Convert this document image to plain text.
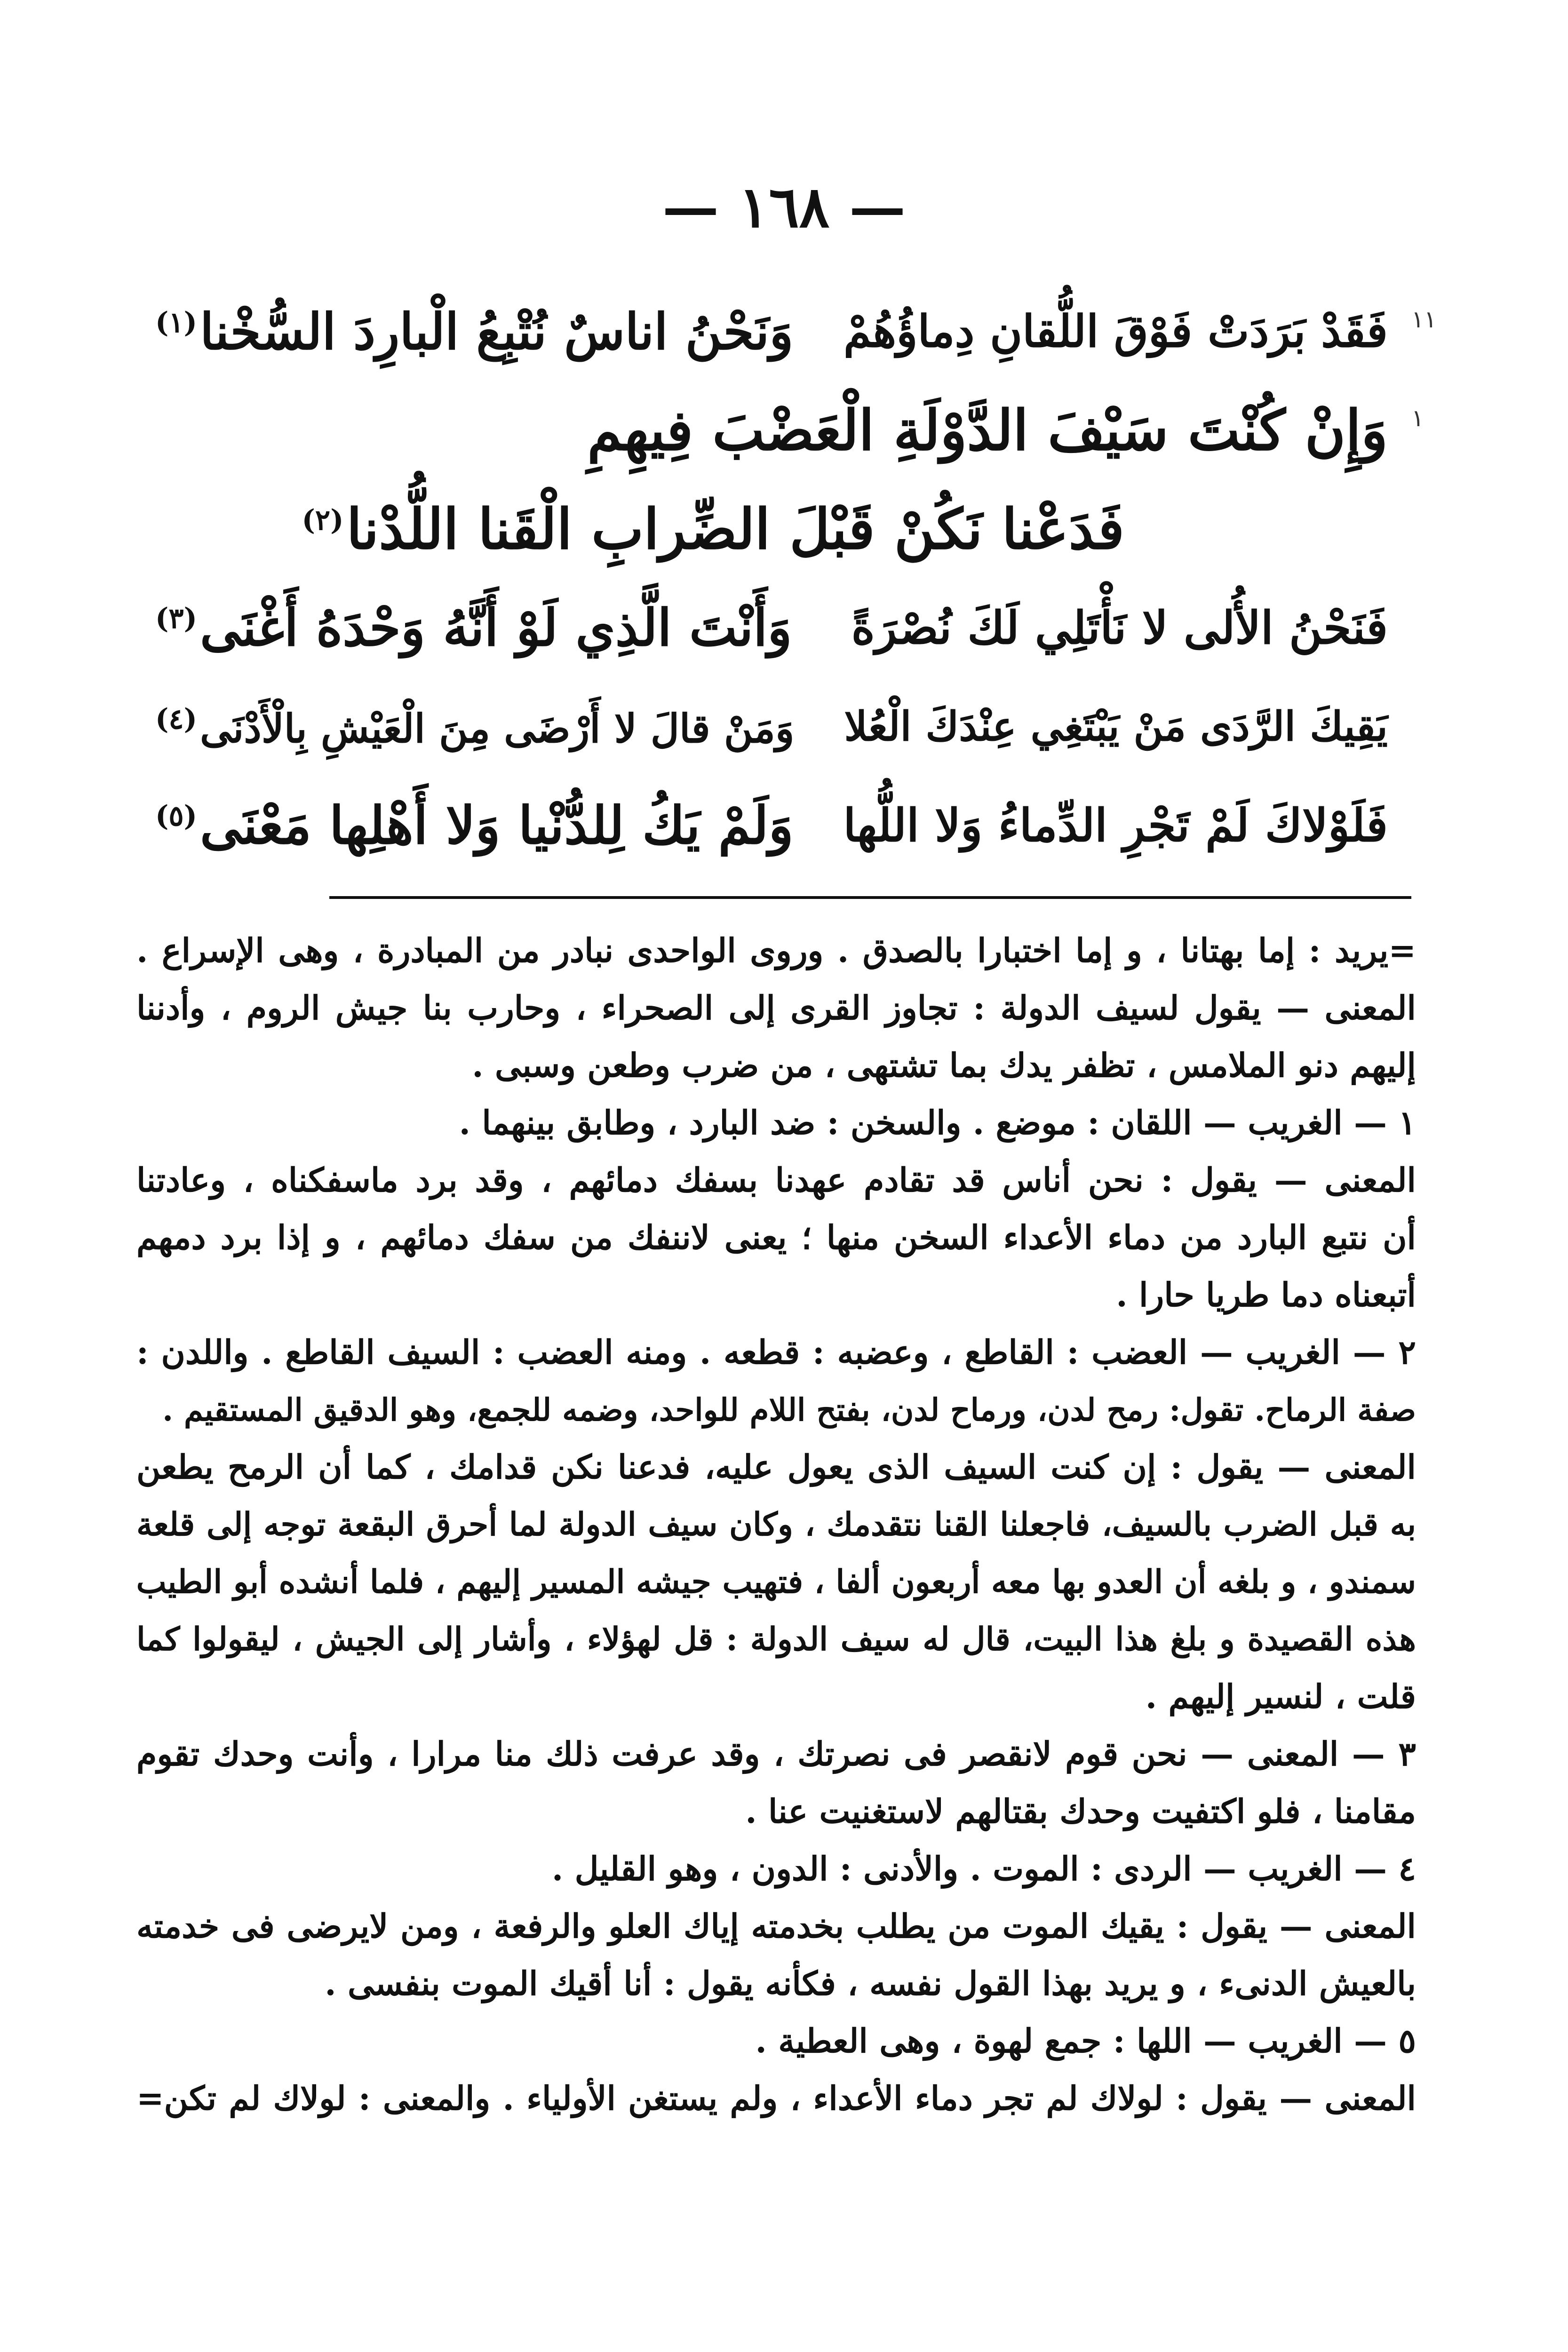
— ١٦٨ —
١١
١
فَقَدْ بَرَدَتْ فَوْقَ اللُّقانِ دِماؤُهُمْ
وَنَحْنُ اناسٌ نُتْبِعُ الْبارِدَ السُّخْنا$^{(١)}$
وَإِنْ كُنْتَ سَيْفَ الدَّوْلَةِ الْعَضْبَ فِيهِمِ
فَدَعْنا نَكُنْ قَبْلَ الضِّرابِ الْقَنا اللُّدْنا$^{(٢)}$
فَنَحْنُ الأُلى لا نَأْتَلِي لَكَ نُصْرَةً
وَأَنْتَ الَّذِي لَوْ أَنَّهُ وَحْدَهُ أَغْنَى$^{(٣)}$
يَقِيكَ الرَّدَى مَنْ يَبْتَغِي عِنْدَكَ الْعُلا
وَمَنْ قالَ لا أَرْضَى مِنَ الْعَيْشِ بِالْأَدْنَى$^{(٤)}$
فَلَوْلاكَ لَمْ تَجْرِ الدِّماءُ وَلا اللُّها
وَلَمْ يَكُ لِلدُّنْيا وَلا أَهْلِها مَعْنَى$^{(٥)}$
=يريد : إما بهتانا ، و إما اختبارا بالصدق . وروى الواحدى نبادر من المبادرة ، وهى الإسراع .
المعنى — يقول لسيف الدولة : تجاوز القرى إلى الصحراء ، وحارب بنا جيش الروم ، وأدننا
إليهم دنو الملامس ، تظفر يدك بما تشتهى ، من ضرب وطعن وسبى .
١ — الغريب — اللقان : موضع . والسخن : ضد البارد ، وطابق بينهما .
المعنى — يقول : نحن أناس قد تقادم عهدنا بسفك دمائهم ، وقد برد ماسفكناه ، وعادتنا
أن نتبع البارد من دماء الأعداء السخن منها ؛ يعنى لاننفك من سفك دمائهم ، و إذا برد دمهم
أتبعناه دما طريا حارا .
٢ — الغريب — العضب : القاطع ، وعضبه : قطعه . ومنه العضب : السيف القاطع . واللدن :
صفة الرماح. تقول: رمح لدن، ورماح لدن، بفتح اللام للواحد، وضمه للجمع، وهو الدقيق المستقيم .
المعنى — يقول : إن كنت السيف الذى يعول عليه، فدعنا نكن قدامك ، كما أن الرمح يطعن
به قبل الضرب بالسيف، فاجعلنا القنا نتقدمك ، وكان سيف الدولة لما أحرق البقعة توجه إلى قلعة
سمندو ، و بلغه أن العدو بها معه أربعون ألفا ، فتهيب جيشه المسير إليهم ، فلما أنشده أبو الطيب
هذه القصيدة و بلغ هذا البيت، قال له سيف الدولة : قل لهؤلاء ، وأشار إلى الجيش ، ليقولوا كما
قلت ، لنسير إليهم .
٣ — المعنى — نحن قوم لانقصر فى نصرتك ، وقد عرفت ذلك منا مرارا ، وأنت وحدك تقوم
مقامنا ، فلو اكتفيت وحدك بقتالهم لاستغنيت عنا .
٤ — الغريب — الردى : الموت . والأدنى : الدون ، وهو القليل .
المعنى — يقول : يقيك الموت من يطلب بخدمته إياك العلو والرفعة ، ومن لايرضى فى خدمته
بالعيش الدنىء ، و يريد بهذا القول نفسه ، فكأنه يقول : أنا أقيك الموت بنفسى .
٥ — الغريب — اللها : جمع لهوة ، وهى العطية .
المعنى — يقول : لولاك لم تجر دماء الأعداء ، ولم يستغن الأولياء . والمعنى : لولاك لم تكن=
